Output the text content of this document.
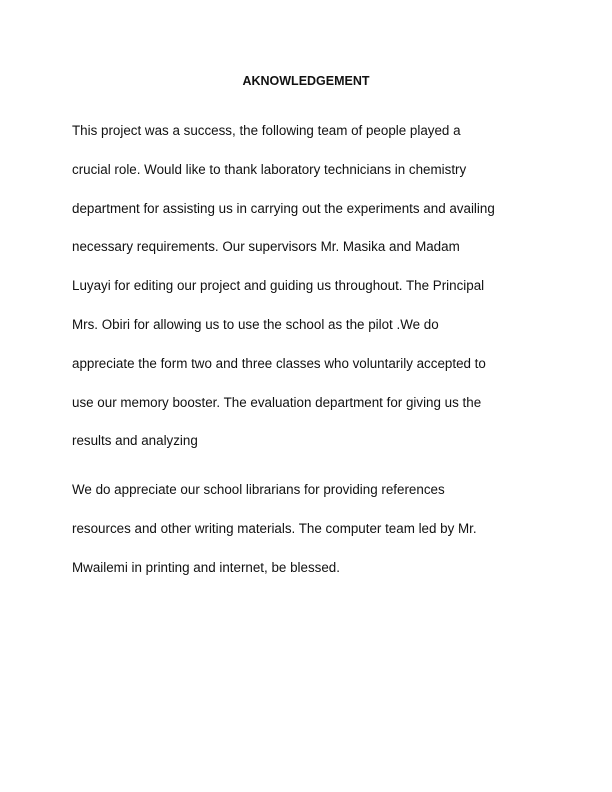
AKNOWLEDGEMENT
This project was a success, the following team of people played a
crucial role. Would like to thank laboratory technicians in chemistry
department for assisting us in carrying out the experiments and availing
necessary requirements. Our supervisors Mr. Masika and Madam
Luyayi for editing our project and guiding us throughout. The Principal
Mrs. Obiri for allowing us to use the school as the pilot .We do
appreciate the form two and three classes who voluntarily accepted to
use our memory booster. The evaluation department for giving us the
results and analyzing
We do appreciate our school librarians for providing references
resources and other writing materials. The computer team led by Mr.
Mwailemi in printing and internet, be blessed.
